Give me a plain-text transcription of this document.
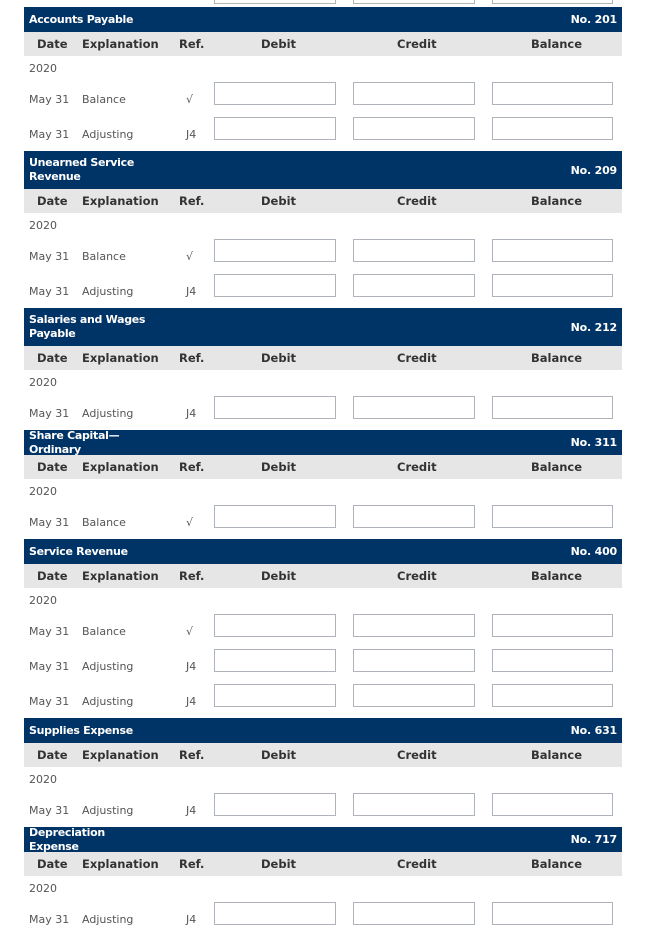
Accounts Payable	No. 201
Date Explanation Ref.	Debit	Credit	Balance
2020
May 31 Balance	√
May 31 Adjusting	J4
Unearned Service Revenue	No. 209
Date Explanation Ref.	Debit	Credit	Balance
2020
May 31 Balance	√
May 31 Adjusting	J4
Salaries and Wages Payable	No. 212
Date Explanation Ref.	Debit	Credit	Balance
2020
May 31 Adjusting	J4
Share Capital—Ordinary	No. 311
Date Explanation Ref.	Debit	Credit	Balance
2020
May 31 Balance	√
Service Revenue	No. 400
Date Explanation Ref.	Debit	Credit	Balance
2020
May 31 Balance	√
May 31 Adjusting	J4
May 31 Adjusting	J4
Supplies Expense	No. 631
Date Explanation Ref.	Debit	Credit	Balance
2020
May 31 Adjusting	J4
Depreciation Expense	No. 717
Date Explanation Ref.	Debit	Credit	Balance
2020
May 31 Adjusting	J4
